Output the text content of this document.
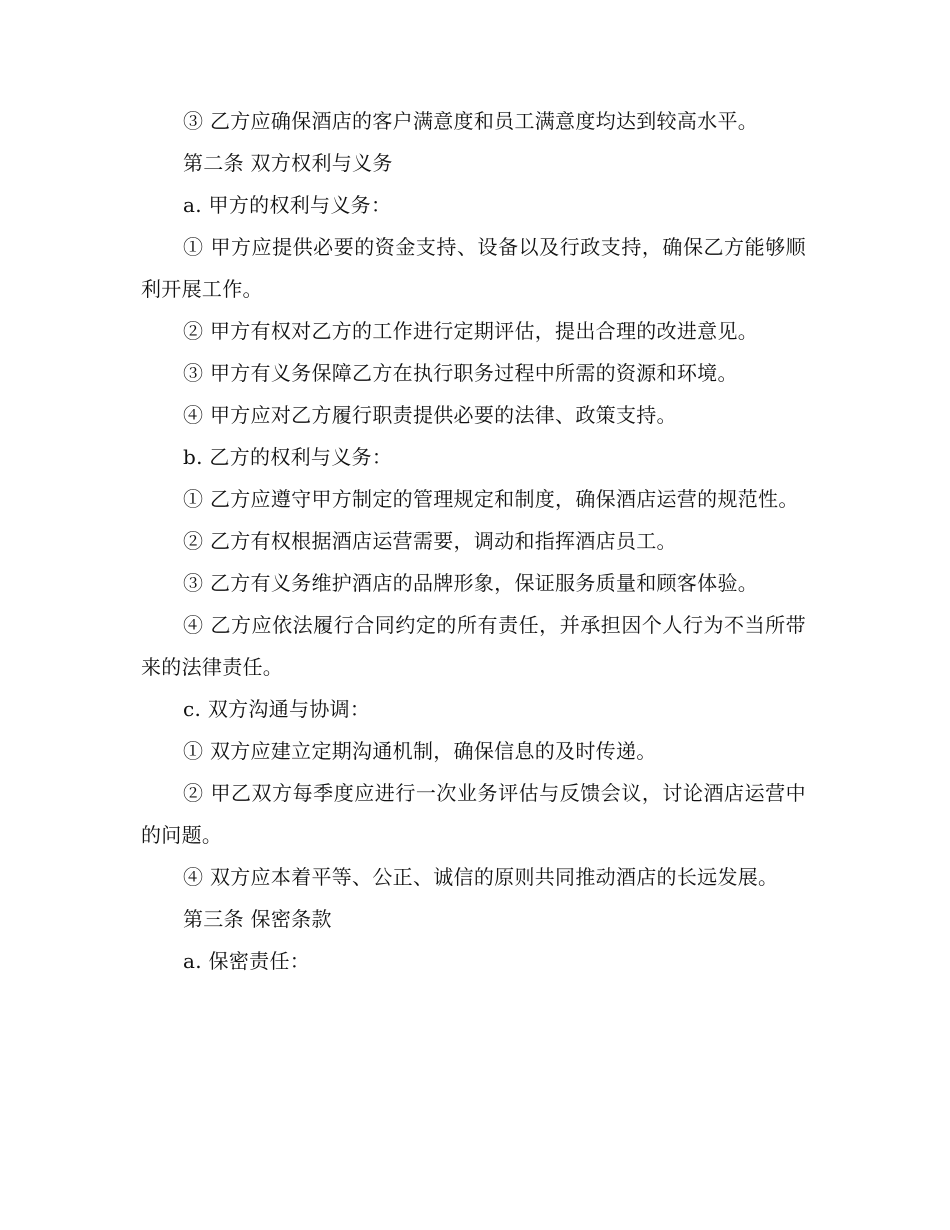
③ 乙方应确保酒店的客户满意度和员工满意度均达到较高水平。

第二条 双方权利与义务

a. 甲方的权利与义务：

① 甲方应提供必要的资金支持、设备以及行政支持，确保乙方能够顺利开展工作。

② 甲方有权对乙方的工作进行定期评估，提出合理的改进意见。

③ 甲方有义务保障乙方在执行职务过程中所需的资源和环境。

④ 甲方应对乙方履行职责提供必要的法律、政策支持。

b. 乙方的权利与义务：

① 乙方应遵守甲方制定的管理规定和制度，确保酒店运营的规范性。

② 乙方有权根据酒店运营需要，调动和指挥酒店员工。

③ 乙方有义务维护酒店的品牌形象，保证服务质量和顾客体验。

④ 乙方应依法履行合同约定的所有责任，并承担因个人行为不当所带来的法律责任。

c. 双方沟通与协调：

① 双方应建立定期沟通机制，确保信息的及时传递。

② 甲乙双方每季度应进行一次业务评估与反馈会议，讨论酒店运营中的问题。

④ 双方应本着平等、公正、诚信的原则共同推动酒店的长远发展。

第三条 保密条款

a. 保密责任：
